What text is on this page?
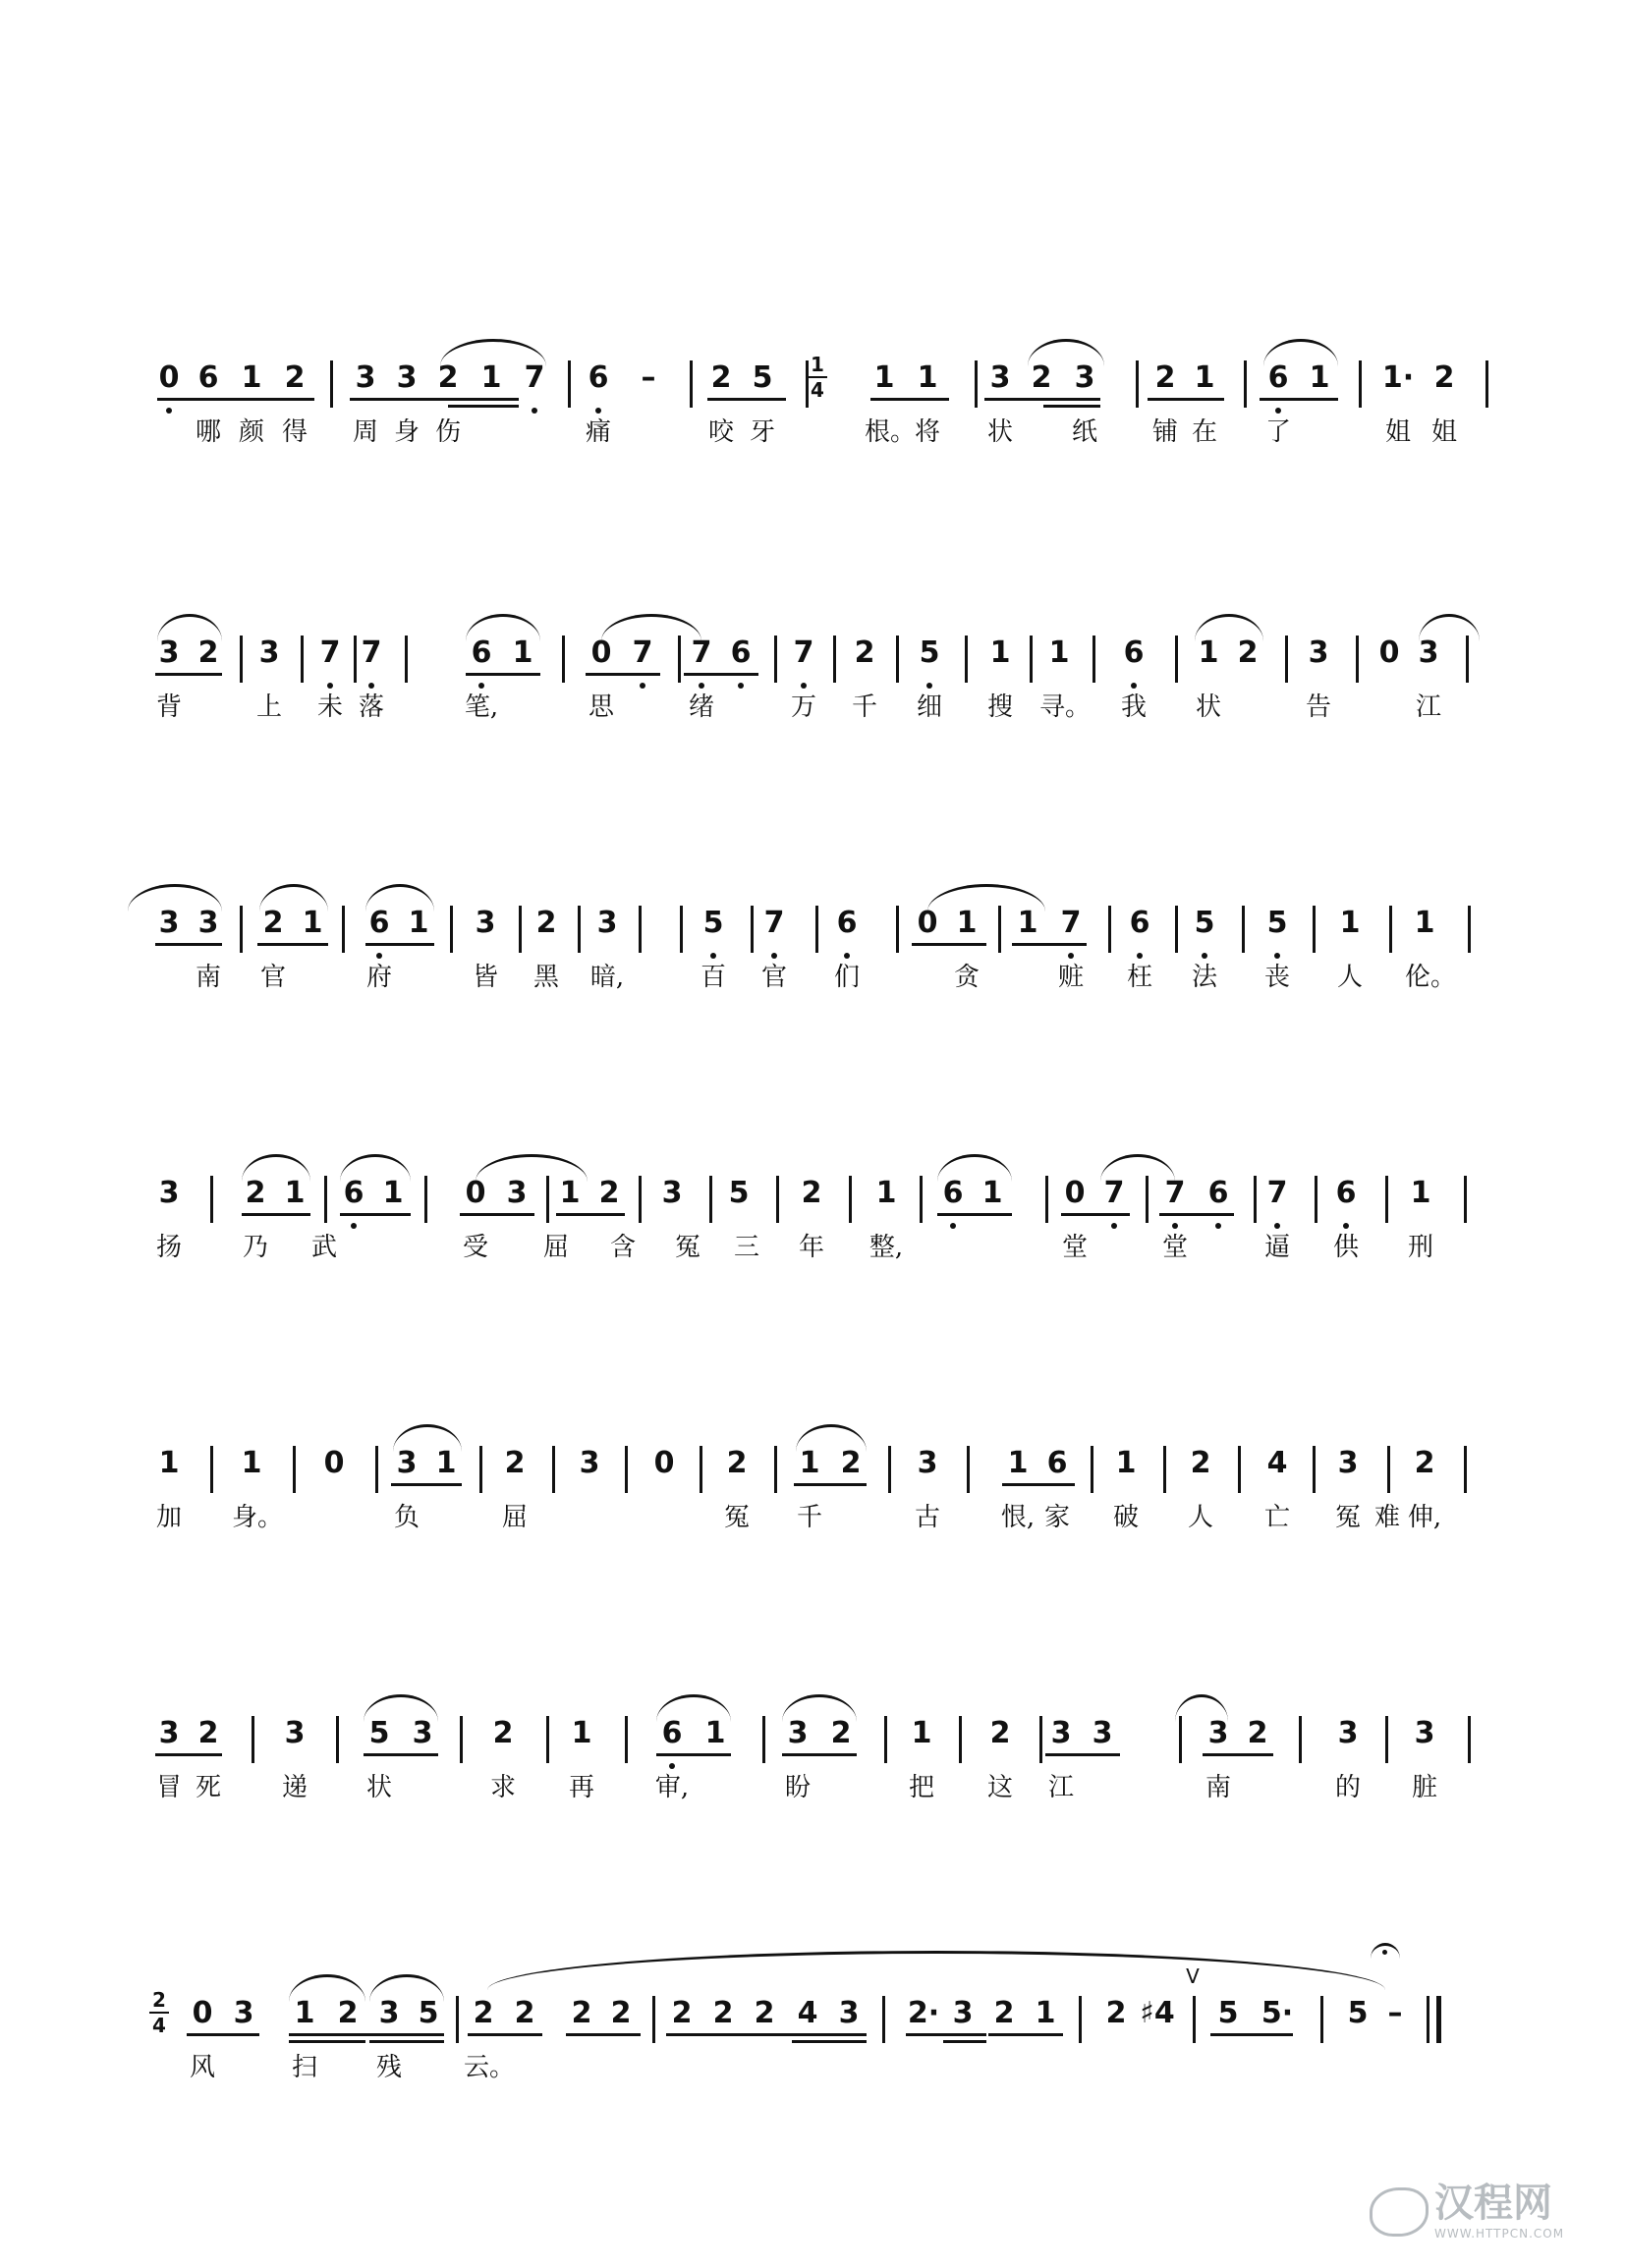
0 6 1 2	3 3 2 1 7	6	–	2 5	1 1	3 2 3	2 1	6 1	1· 2
1
4
哪 颜 得 周 身 伤	痛	咬 牙	根。
将 状 纸 铺 在 了	姐 姐
3 2	3	7 7	6 1	0 7	7 6	7	2	5	1	1	6	1 2	3	0 3
背	上 未 落	笔,	思	绪	万 千 细 搜 寻。 我 状	告	江
3 3	2 1	6 1	3	2	3	5	7	6	0 1	1 7	6	5	5	1	1
南 官	府	皆 黑 暗,	百 官 们	贪	赃 枉 法 丧 人 伦。
3	2 1	6 1	0 3	1 2	3	5	2	1	6 1	0 7	7 6	7	6	1
扬 乃 武	受 屈 含 冤 三 年 整,	堂	堂	逼 供 刑
1	1	0	3 1	2	3	0	2	1 2	3	1 6	1	2	4	3	2
加 身。	负	屈	冤 千	古 恨, 家 破 人 亡 冤 难 伸,
3 2	3	5 3	2	1	6 1	3 2	1	2	3 3	3 2	3	3
冒 死 递 状	求 再 审,	盼	把 这 江	南	的 脏
0 3	1 2 3 5	2 2	2 2	2 2 2 4 3	2· 3 2 1	2 ♯4	5 5·	5 –
2
4
V
风	扫 残 云。
汉程网
WWW.HTTPCN.COM
